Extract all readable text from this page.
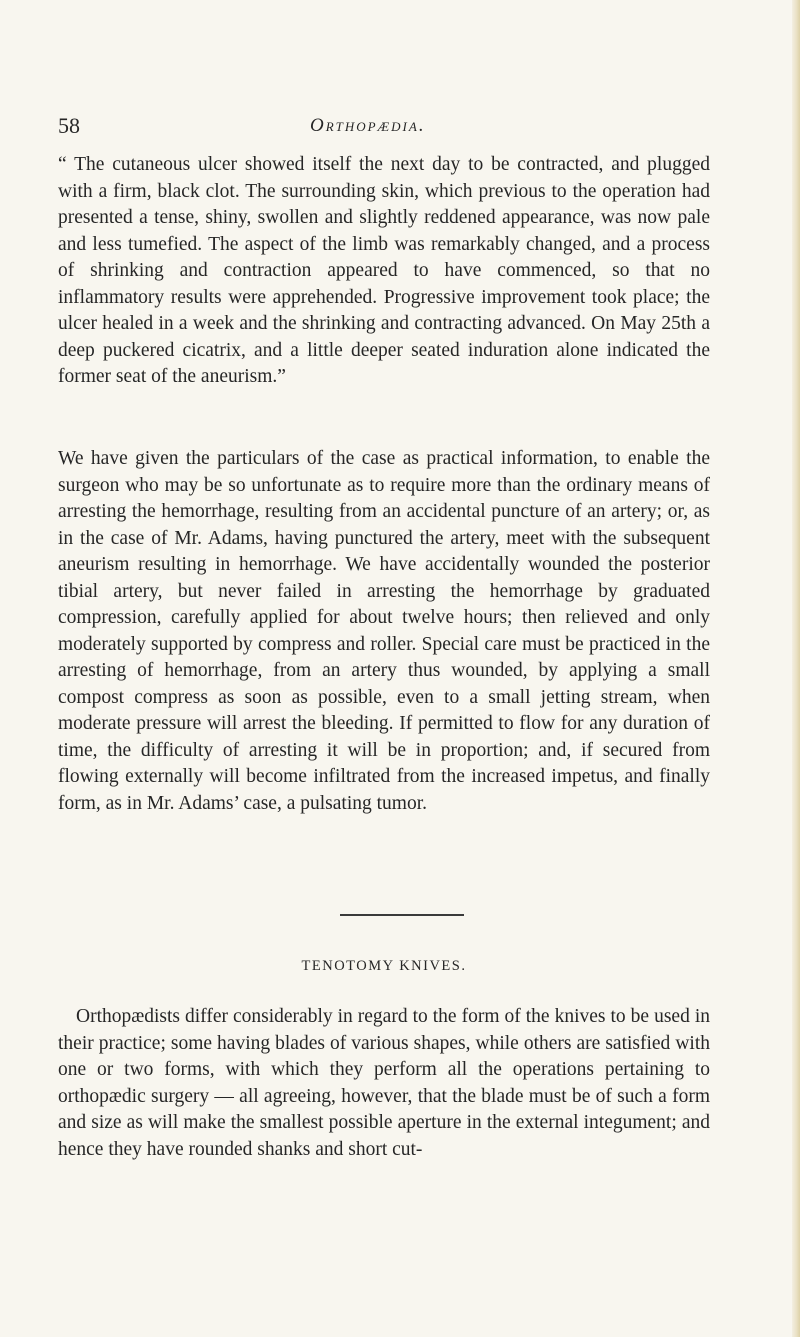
58	Orthopædia.

“ The cutaneous ulcer showed itself the next day to be contracted, and plugged with a firm, black clot. The surrounding skin, which previous to the operation had presented a tense, shiny, swollen and slightly reddened appearance, was now pale and less tumefied. The aspect of the limb was remarkably changed, and a process of shrinking and contraction appeared to have commenced, so that no inflammatory results were apprehended. Progressive improvement took place; the ulcer healed in a week and the shrinking and contracting advanced. On May 25th a deep puckered cicatrix, and a little deeper seated induration alone indicated the former seat of the aneurism.”

We have given the particulars of the case as practical information, to enable the surgeon who may be so unfortunate as to require more than the ordinary means of arresting the hemorrhage, resulting from an accidental puncture of an artery; or, as in the case of Mr. Adams, having punctured the artery, meet with the subsequent aneurism resulting in hemorrhage. We have accidentally wounded the posterior tibial artery, but never failed in arresting the hemorrhage by graduated compression, carefully applied for about twelve hours; then relieved and only moderately supported by compress and roller. Special care must be practiced in the arresting of hemorrhage, from an artery thus wounded, by applying a small compost compress as soon as possible, even to a small jetting stream, when moderate pressure will arrest the bleeding. If permitted to flow for any duration of time, the difficulty of arresting it will be in proportion; and, if secured from flowing externally will become infiltrated from the increased impetus, and finally form, as in Mr. Adams’ case, a pulsating tumor.

TENOTOMY KNIVES.

Orthopædists differ considerably in regard to the form of the knives to be used in their practice; some having blades of various shapes, while others are satisfied with one or two forms, with which they perform all the operations pertaining to orthopædic surgery — all agreeing, however, that the blade must be of such a form and size as will make the smallest possible aperture in the external integument; and hence they have rounded shanks and short cut-
